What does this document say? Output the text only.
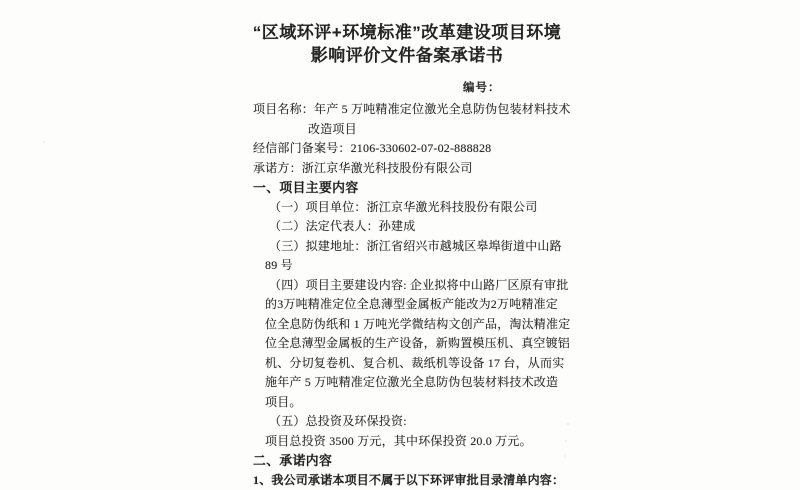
“区域环评+环境标准”改革建设项目环境
影响评价文件备案承诺书
编号：
项目名称：年产 5 万吨精准定位激光全息防伪包装材料技术
改造项目
经信部门备案号：2106-330602-07-02-888828
承诺方：浙江京华激光科技股份有限公司
一、项目主要内容
（一）项目单位：浙江京华激光科技股份有限公司
（二）法定代表人：孙建成
（三）拟建地址：浙江省绍兴市越城区皋埠街道中山路
89 号
（四）项目主要建设内容: 企业拟将中山路厂区原有审批
的3万吨精准定位全息薄型金属板产能改为2万吨精准定
位全息防伪纸和 1 万吨光学微结构文创产品，淘汰精准定
位全息薄型金属板的生产设备，新购置模压机、真空镀铝
机、分切复卷机、复合机、裁纸机等设备 17 台，从而实
施年产 5 万吨精准定位激光全息防伪包装材料技术改造
项目。
（五）总投资及环保投资:
项目总投资 3500 万元，其中环保投资 20.0 万元。
二、承诺内容
1、我公司承诺本项目不属于以下环评审批目录清单内容：
